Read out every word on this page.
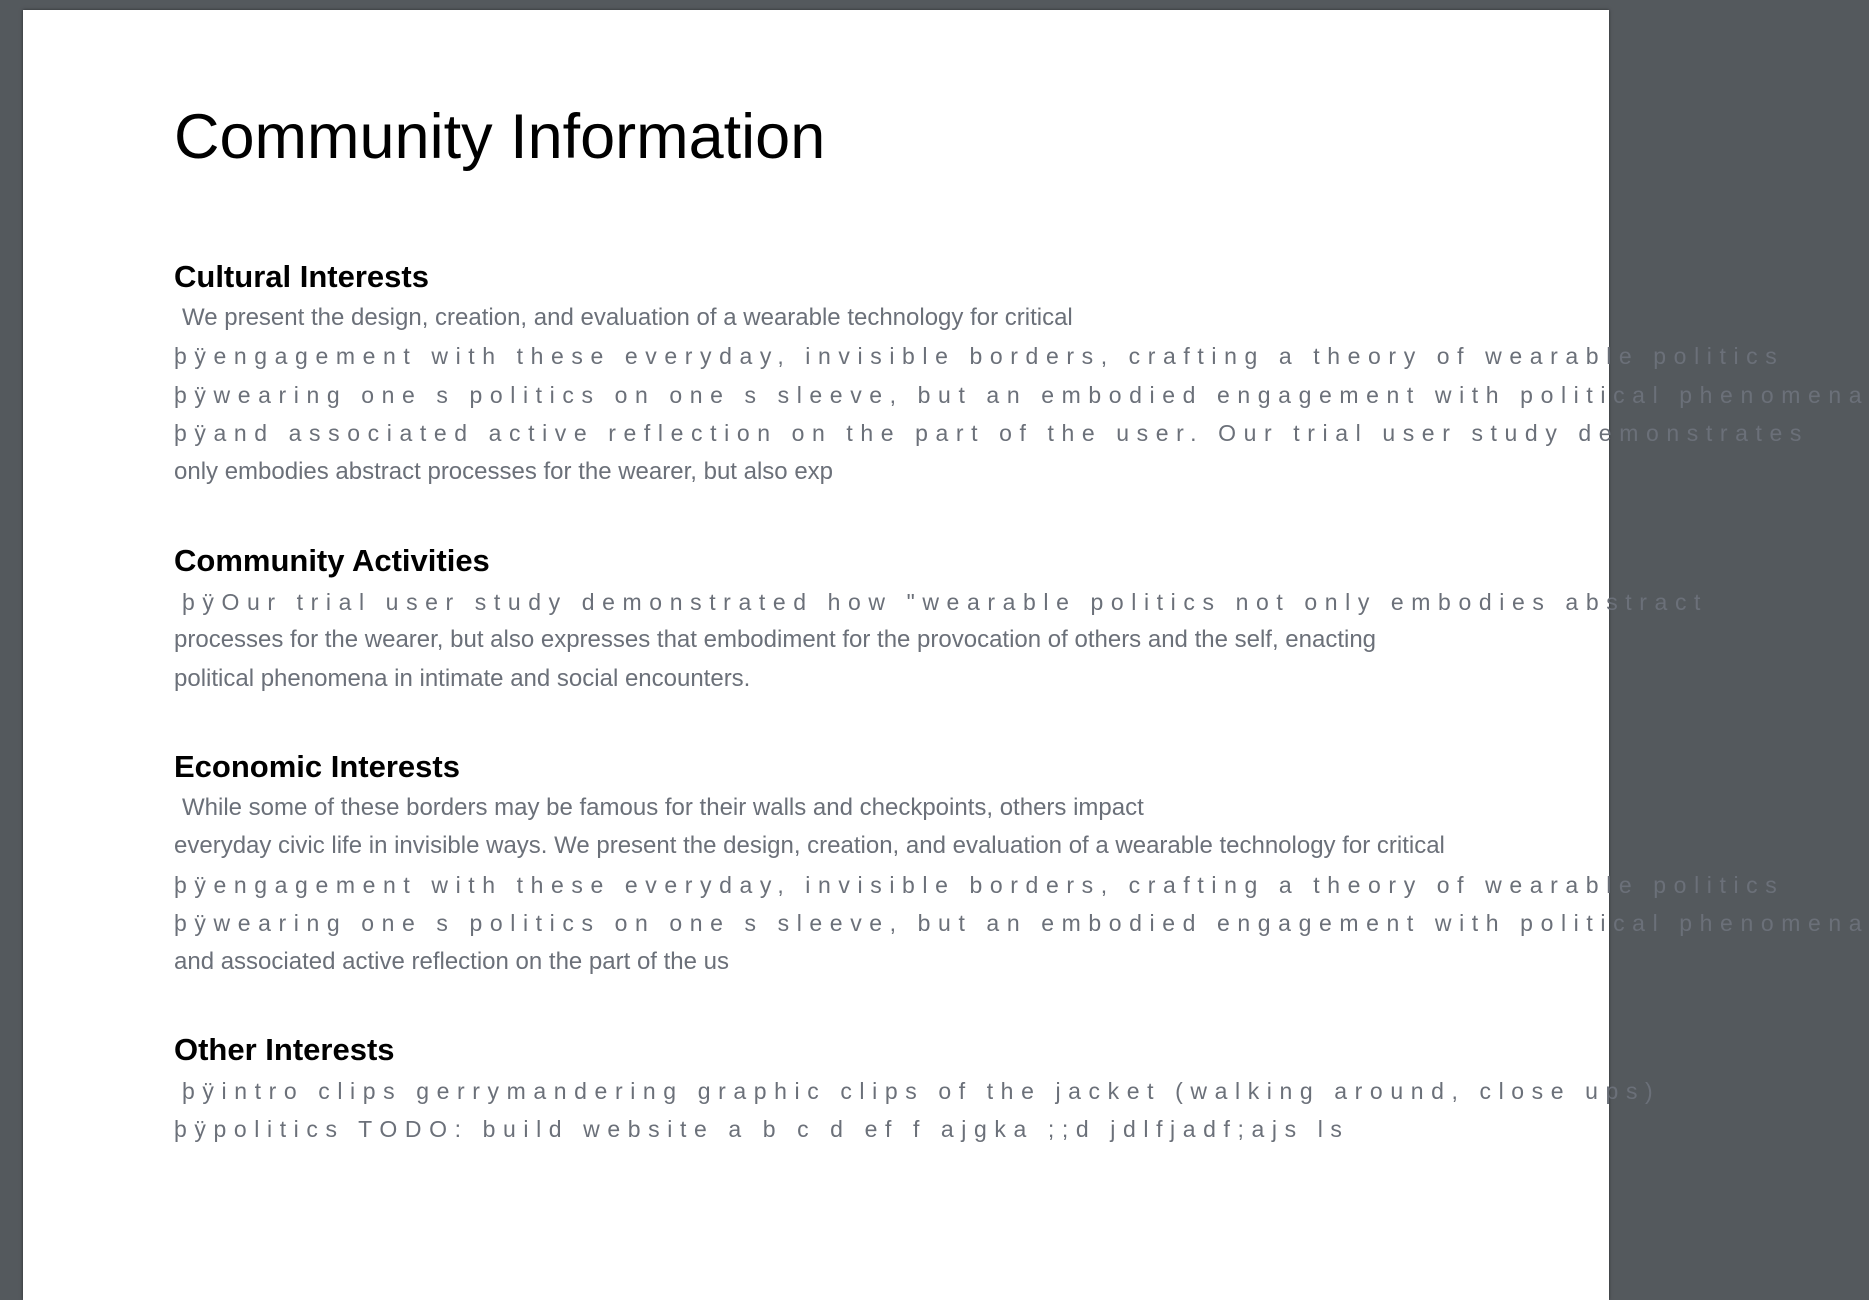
Community Information
Cultural Interests
We present the design, creation, and evaluation of a wearable technology for critical
þÿengagement with these everyday, invisible borders, crafting a theory of wearable politics
þÿwearing one s politics on one s sleeve, but an embodied engagement with political phenomena
þÿand associated active reflection on the part of the user. Our trial user study demonstrates
only embodies abstract processes for the wearer, but also exp
Community Activities
þÿOur trial user study demonstrated how "wearable politics not only embodies abstract
processes for the wearer, but also expresses that embodiment for the provocation of others and the self, enacting
political phenomena in intimate and social encounters.
Economic Interests
While some of these borders may be famous for their walls and checkpoints, others impact
everyday civic life in invisible ways. We present the design, creation, and evaluation of a wearable technology for critical
þÿengagement with these everyday, invisible borders, crafting a theory of wearable politics
þÿwearing one s politics on one s sleeve, but an embodied engagement with political phenomena
and associated active reflection on the part of the us
Other Interests
þÿintro clips gerrymandering graphic clips of the jacket (walking around, close ups)
þÿpolitics TODO: build website a b c d ef f ajgka ;;d jdlfjadf;ajs ls
